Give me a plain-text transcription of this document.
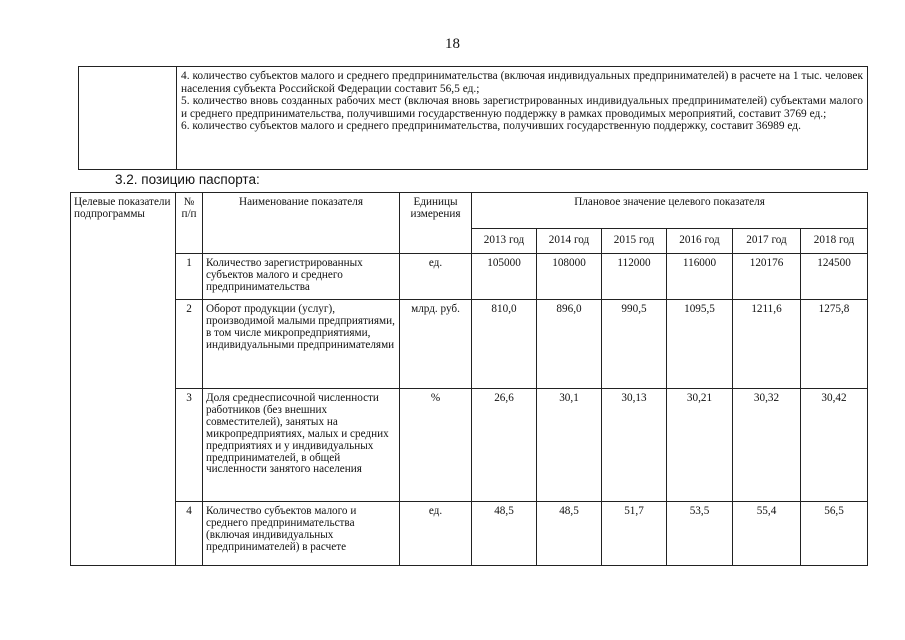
18

4. количество субъектов малого и среднего предпринимательства (включая индивидуальных предпринимателей) в расчете на 1 тыс. человек населения субъекта Российской Федерации составит 56,5 ед.;

5. количество вновь созданных рабочих мест (включая вновь зарегистрированных индивидуальных предпринимателей) субъектами малого и среднего предпринимательства, получившими государственную поддержку в рамках проводимых мероприятий, составит 3769 ед.;

6. количество субъектов малого и среднего предпринимательства, получивших государственную поддержку, составит 36989 ед.

3.2. позицию паспорта:
Целевые показатели подпрограммы	№ п/п	Наименование показателя	Единицы измерения	Плановое значение целевого показателя					
				2013 год	2014 год	2015 год	2016 год	2017 год	2018 год
	1	Количество зарегистрированных субъектов малого и среднего предпринимательства	ед.	105000	108000	112000	116000	120176	124500
	2	Оборот продукции (услуг), производимой малыми предприятиями, в том числе микропредприятиями, индивидуальными предпринимателями	млрд. руб.	810,0	896,0	990,5	1095,5	1211,6	1275,8
	3	Доля среднесписочной численности работников (без внешних совместителей), занятых на микропредприятиях, малых и средних предприятиях и у индивидуальных предпринимателей, в общей численности занятого населения	%	26,6	30,1	30,13	30,21	30,32	30,42
	4	Количество субъектов малого и среднего предпринимательства (включая индивидуальных предпринимателей) в расчете	ед.	48,5	48,5	51,7	53,5	55,4	56,5
